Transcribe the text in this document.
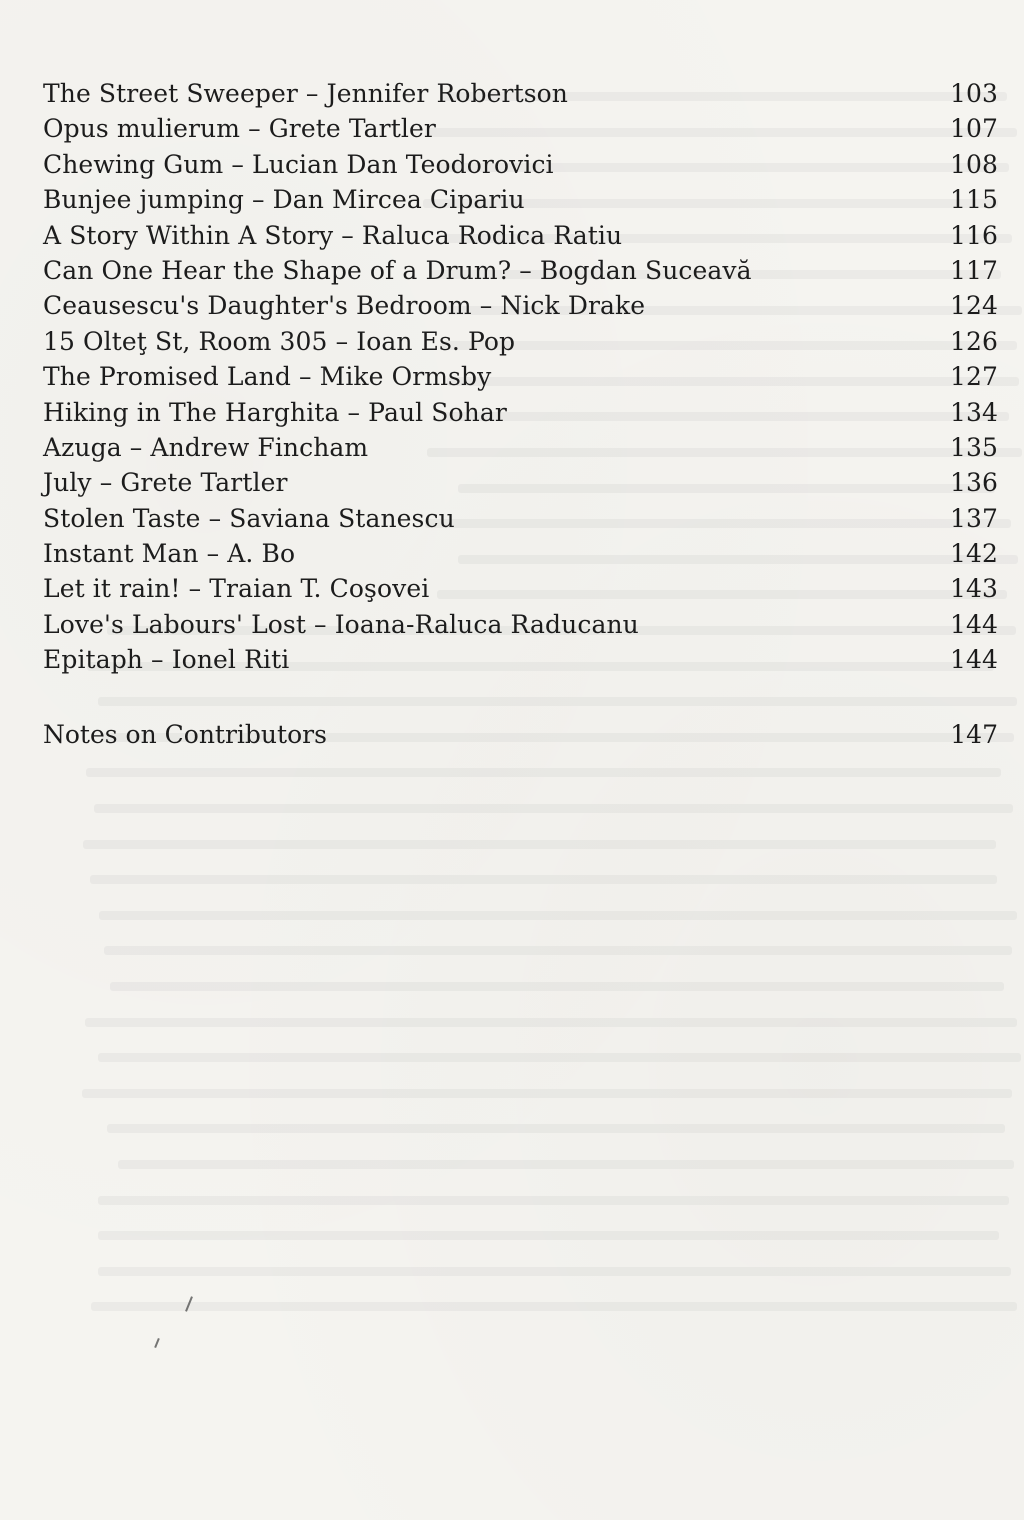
The Street Sweeper – Jennifer Robertson	103
Opus mulierum – Grete Tartler	107
Chewing Gum – Lucian Dan Teodorovici	108
Bunjee jumping – Dan Mircea Cipariu	115
A Story Within A Story – Raluca Rodica Ratiu	116
Can One Hear the Shape of a Drum? – Bogdan Suceavă	117
Ceausescu's Daughter's Bedroom – Nick Drake	124
15 Olteţ St, Room 305 – Ioan Es. Pop	126
The Promised Land – Mike Ormsby	127
Hiking in The Harghita – Paul Sohar	134
Azuga – Andrew Fincham	135
July – Grete Tartler	136
Stolen Taste – Saviana Stanescu	137
Instant Man – A. Bo	142
Let it rain! – Traian T. Coşovei	143
Love's Labours' Lost – Ioana-Raluca Raducanu	144
Epitaph – Ionel Riti	144
Notes on Contributors	147
